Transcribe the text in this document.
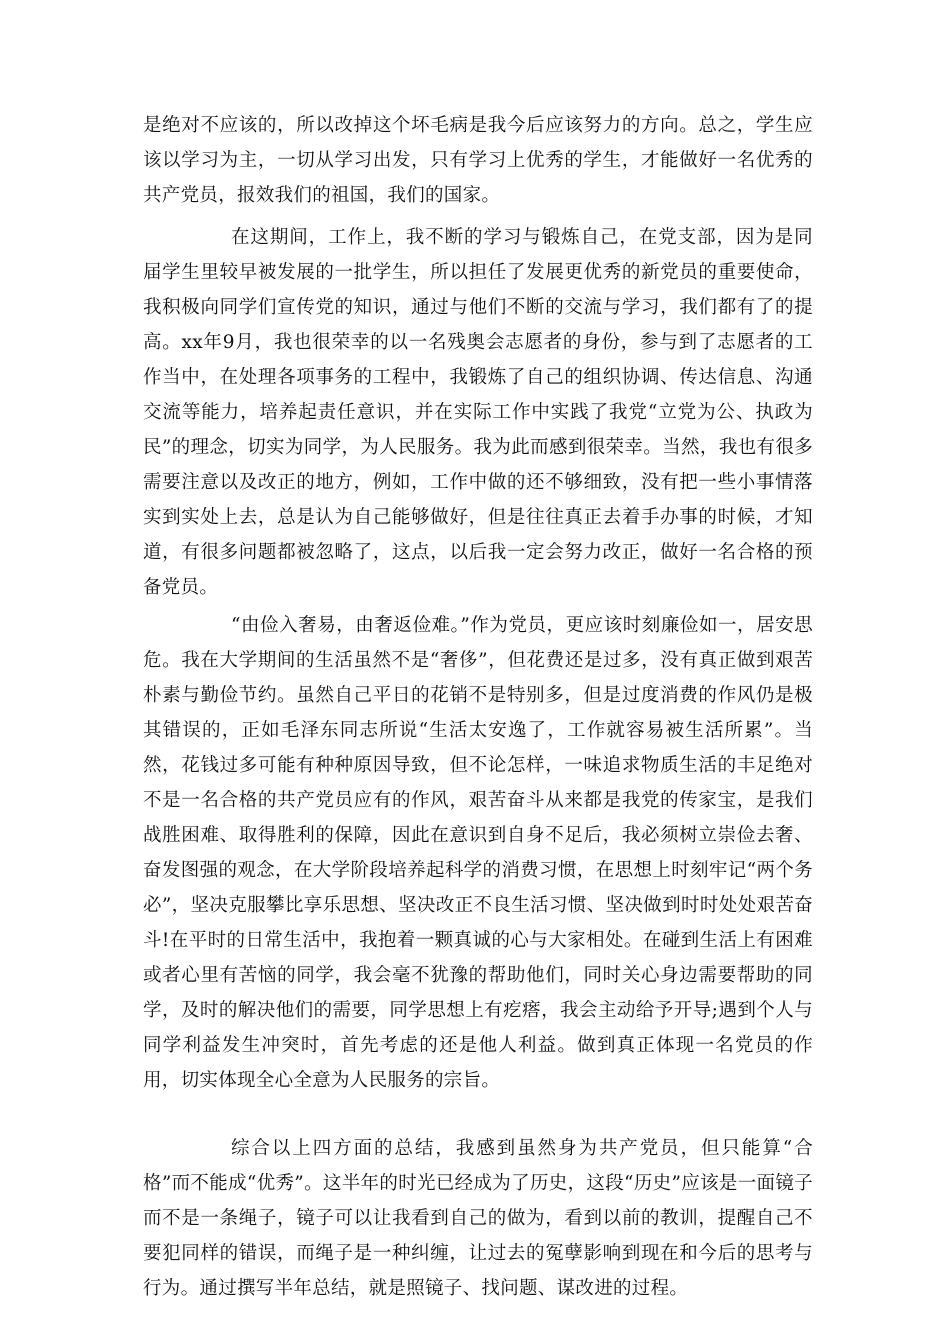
是绝对不应该的，所以改掉这个坏毛病是我今后应该努力的方向。总之，学生应该以学习为主，一切从学习出发，只有学习上优秀的学生，才能做好一名优秀的共产党员，报效我们的祖国，我们的国家。

在这期间，工作上，我不断的学习与锻炼自己，在党支部，因为是同届学生里较早被发展的一批学生，所以担任了发展更优秀的新党员的重要使命，我积极向同学们宣传党的知识，通过与他们不断的交流与学习，我们都有了的提高。xx年9月，我也很荣幸的以一名残奥会志愿者的身份，参与到了志愿者的工作当中，在处理各项事务的工程中，我锻炼了自己的组织协调、传达信息、沟通交流等能力，培养起责任意识，并在实际工作中实践了我党“立党为公、执政为民”的理念，切实为同学，为人民服务。我为此而感到很荣幸。当然，我也有很多需要注意以及改正的地方，例如，工作中做的还不够细致，没有把一些小事情落实到实处上去，总是认为自己能够做好，但是往往真正去着手办事的时候，才知道，有很多问题都被忽略了，这点，以后我一定会努力改正，做好一名合格的预备党员。

“由俭入奢易，由奢返俭难。”作为党员，更应该时刻廉俭如一，居安思危。我在大学期间的生活虽然不是“奢侈”，但花费还是过多，没有真正做到艰苦朴素与勤俭节约。虽然自己平日的花销不是特别多，但是过度消费的作风仍是极其错误的，正如毛泽东同志所说“生活太安逸了，工作就容易被生活所累”。当然，花钱过多可能有种种原因导致，但不论怎样，一味追求物质生活的丰足绝对不是一名合格的共产党员应有的作风，艰苦奋斗从来都是我党的传家宝，是我们战胜困难、取得胜利的保障，因此在意识到自身不足后，我必须树立崇俭去奢、奋发图强的观念，在大学阶段培养起科学的消费习惯，在思想上时刻牢记“两个务必”，坚决克服攀比享乐思想、坚决改正不良生活习惯、坚决做到时时处处艰苦奋斗!在平时的日常生活中，我抱着一颗真诚的心与大家相处。在碰到生活上有困难或者心里有苦恼的同学，我会毫不犹豫的帮助他们，同时关心身边需要帮助的同学，及时的解决他们的需要，同学思想上有疙瘩，我会主动给予开导;遇到个人与同学利益发生冲突时，首先考虑的还是他人利益。做到真正体现一名党员的作用，切实体现全心全意为人民服务的宗旨。

综合以上四方面的总结，我感到虽然身为共产党员，但只能算“合格”而不能成“优秀”。这半年的时光已经成为了历史，这段“历史”应该是一面镜子而不是一条绳子，镜子可以让我看到自己的做为，看到以前的教训，提醒自己不要犯同样的错误，而绳子是一种纠缠，让过去的冤孽影响到现在和今后的思考与行为。通过撰写半年总结，就是照镜子、找问题、谋改进的过程。
